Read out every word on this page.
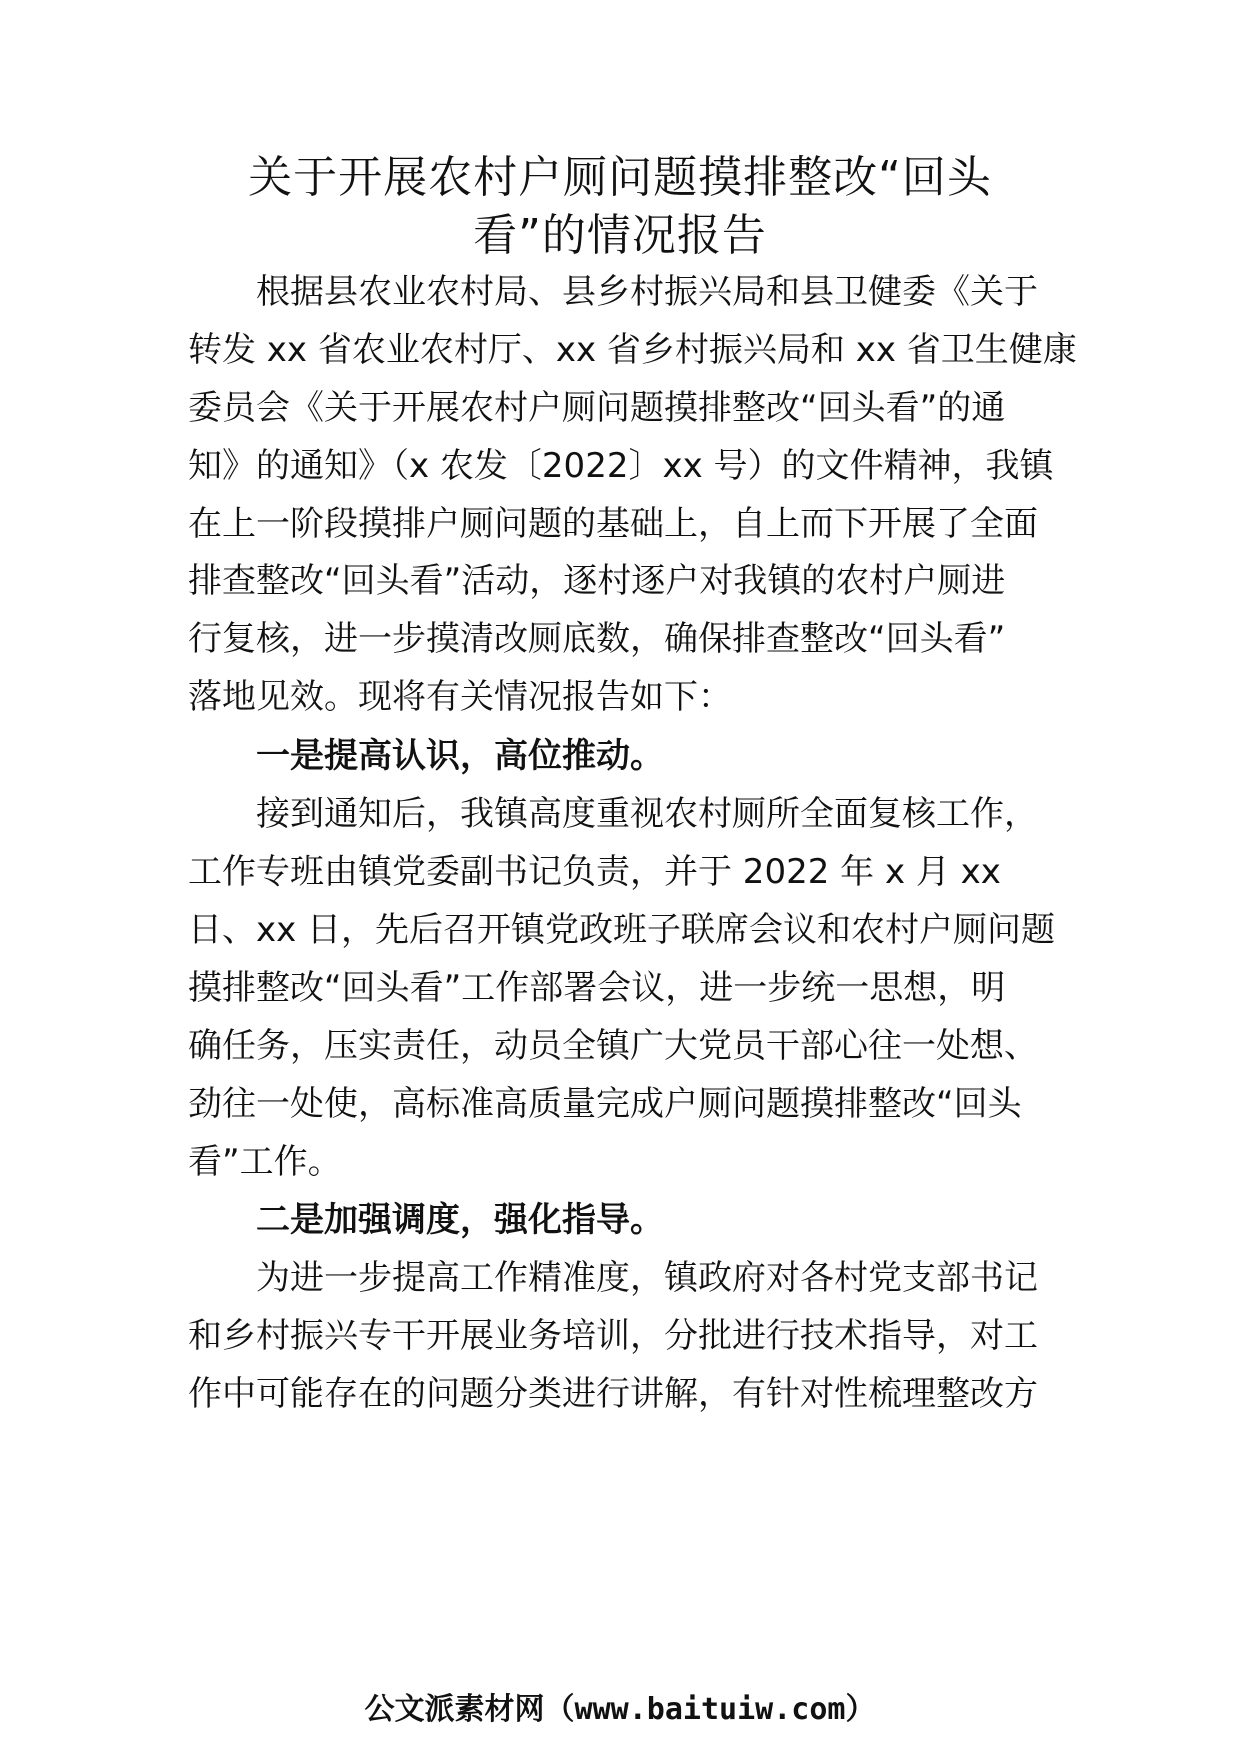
关于开展农村户厕问题摸排整改“回头
看”的情况报告
根据县农业农村局、县乡村振兴局和县卫健委《关于
转发 xx 省农业农村厅、xx 省乡村振兴局和 xx 省卫生健康
委员会《关于开展农村户厕问题摸排整改“回头看”的通
知》的通知》（x 农发〔2022〕xx 号）的文件精神，我镇
在上一阶段摸排户厕问题的基础上，自上而下开展了全面
排查整改“回头看”活动，逐村逐户对我镇的农村户厕进
行复核，进一步摸清改厕底数，确保排查整改“回头看”
落地见效。现将有关情况报告如下：
一是提高认识，高位推动。
接到通知后，我镇高度重视农村厕所全面复核工作，
工作专班由镇党委副书记负责，并于 2022 年 x 月 xx
日、xx 日，先后召开镇党政班子联席会议和农村户厕问题
摸排整改“回头看”工作部署会议，进一步统一思想，明
确任务，压实责任，动员全镇广大党员干部心往一处想、
劲往一处使，高标准高质量完成户厕问题摸排整改“回头
看”工作。
二是加强调度，强化指导。
为进一步提高工作精准度，镇政府对各村党支部书记
和乡村振兴专干开展业务培训，分批进行技术指导，对工
作中可能存在的问题分类进行讲解，有针对性梳理整改方
公文派素材网（www.baituiw.com）
